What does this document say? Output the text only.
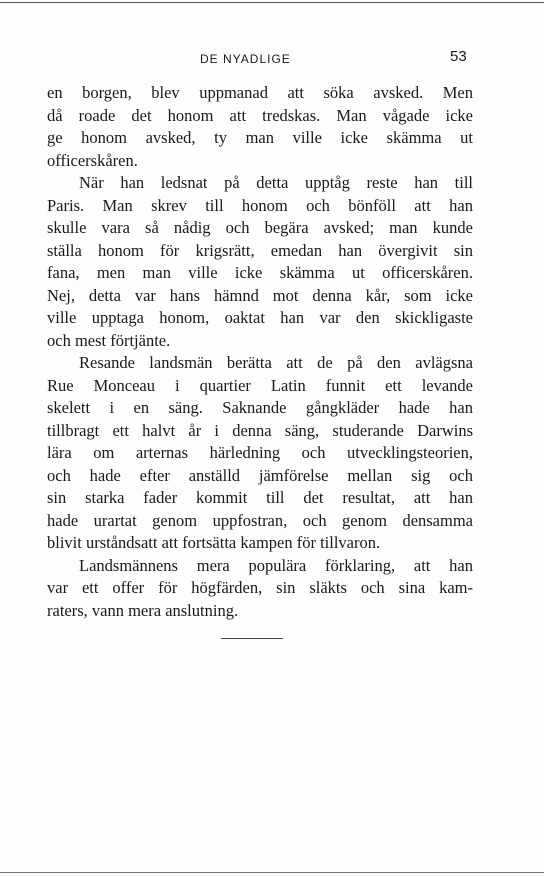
DE NYADLIGE	53
en borgen, blev uppmanad att söka avsked. Men
då roade det honom att tredskas. Man vågade icke
ge honom avsked, ty man ville icke skämma ut
officerskåren.
När han ledsnat på detta upptåg reste han till
Paris. Man skrev till honom och bönföll att han
skulle vara så nådig och begära avsked; man kunde
ställa honom för krigsrätt, emedan han övergivit sin
fana, men man ville icke skämma ut officerskåren.
Nej, detta var hans hämnd mot denna kår, som icke
ville upptaga honom, oaktat han var den skickligaste
och mest förtjänte.
Resande landsmän berätta att de på den avlägsna
Rue Monceau i quartier Latin funnit ett levande
skelett i en säng. Saknande gångkläder hade han
tillbragt ett halvt år i denna säng, studerande Darwins
lära om arternas härledning och utvecklingsteorien,
och hade efter anställd jämförelse mellan sig och
sin starka fader kommit till det resultat, att han
hade urartat genom uppfostran, och genom densamma
blivit urståndsatt att fortsätta kampen för tillvaron.
Landsmännens mera populära förklaring, att han
var ett offer för högfärden, sin släkts och sina kam-
raters, vann mera anslutning.
